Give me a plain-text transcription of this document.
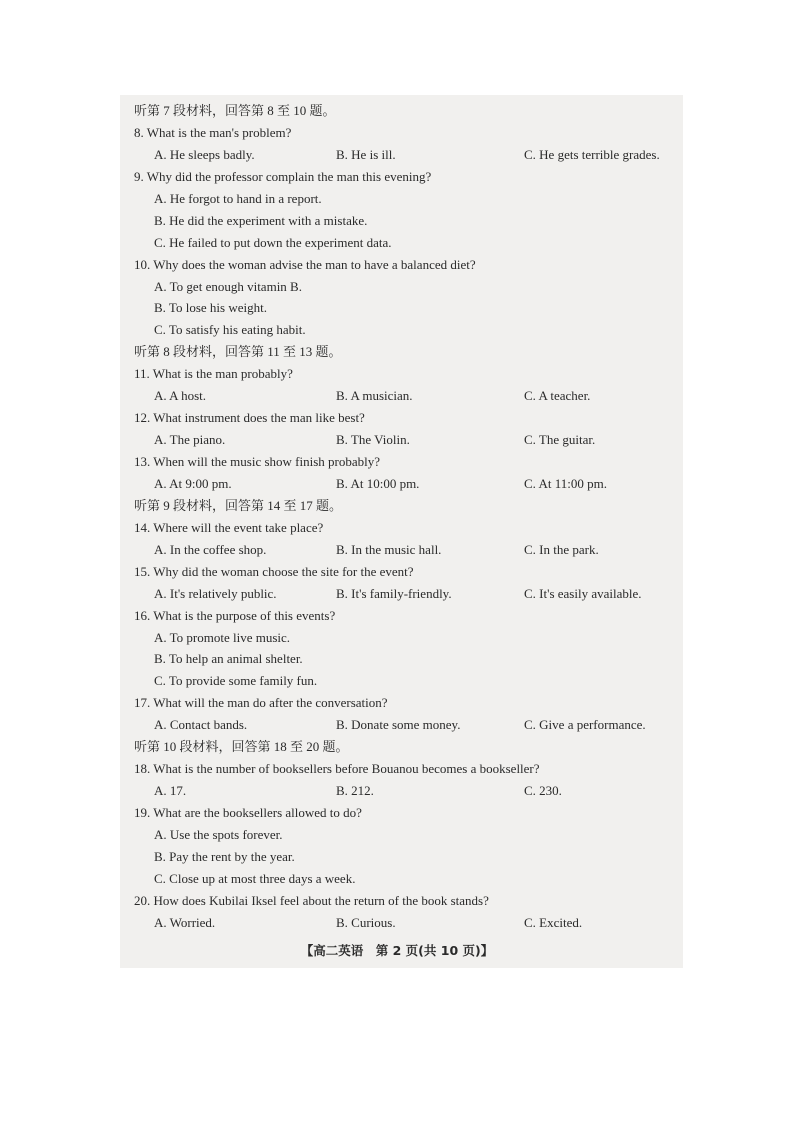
听第 7 段材料，回答第 8 至 10 题。
8. What is the man's problem?
A. He sleeps badly.	B. He is ill.	C. He gets terrible grades.
9. Why did the professor complain the man this evening?
A. He forgot to hand in a report.
B. He did the experiment with a mistake.
C. He failed to put down the experiment data.
10. Why does the woman advise the man to have a balanced diet?
A. To get enough vitamin B.
B. To lose his weight.
C. To satisfy his eating habit.
听第 8 段材料，回答第 11 至 13 题。
11. What is the man probably?
A. A host.	B. A musician.	C. A teacher.
12. What instrument does the man like best?
A. The piano.	B. The Violin.	C. The guitar.
13. When will the music show finish probably?
A. At 9:00 pm.	B. At 10:00 pm.	C. At 11:00 pm.
听第 9 段材料，回答第 14 至 17 题。
14. Where will the event take place?
A. In the coffee shop.	B. In the music hall.	C. In the park.
15. Why did the woman choose the site for the event?
A. It's relatively public.	B. It's family-friendly.	C. It's easily available.
16. What is the purpose of this events?
A. To promote live music.
B. To help an animal shelter.
C. To provide some family fun.
17. What will the man do after the conversation?
A. Contact bands.	B. Donate some money.	C. Give a performance.
听第 10 段材料，回答第 18 至 20 题。
18. What is the number of booksellers before Bouanou becomes a bookseller?
A. 17.	B. 212.	C. 230.
19. What are the booksellers allowed to do?
A. Use the spots forever.
B. Pay the rent by the year.
C. Close up at most three days a week.
20. How does Kubilai Iksel feel about the return of the book stands?
A. Worried.	B. Curious.	C. Excited.
【高二英语　第 2 页(共 10 页)】
